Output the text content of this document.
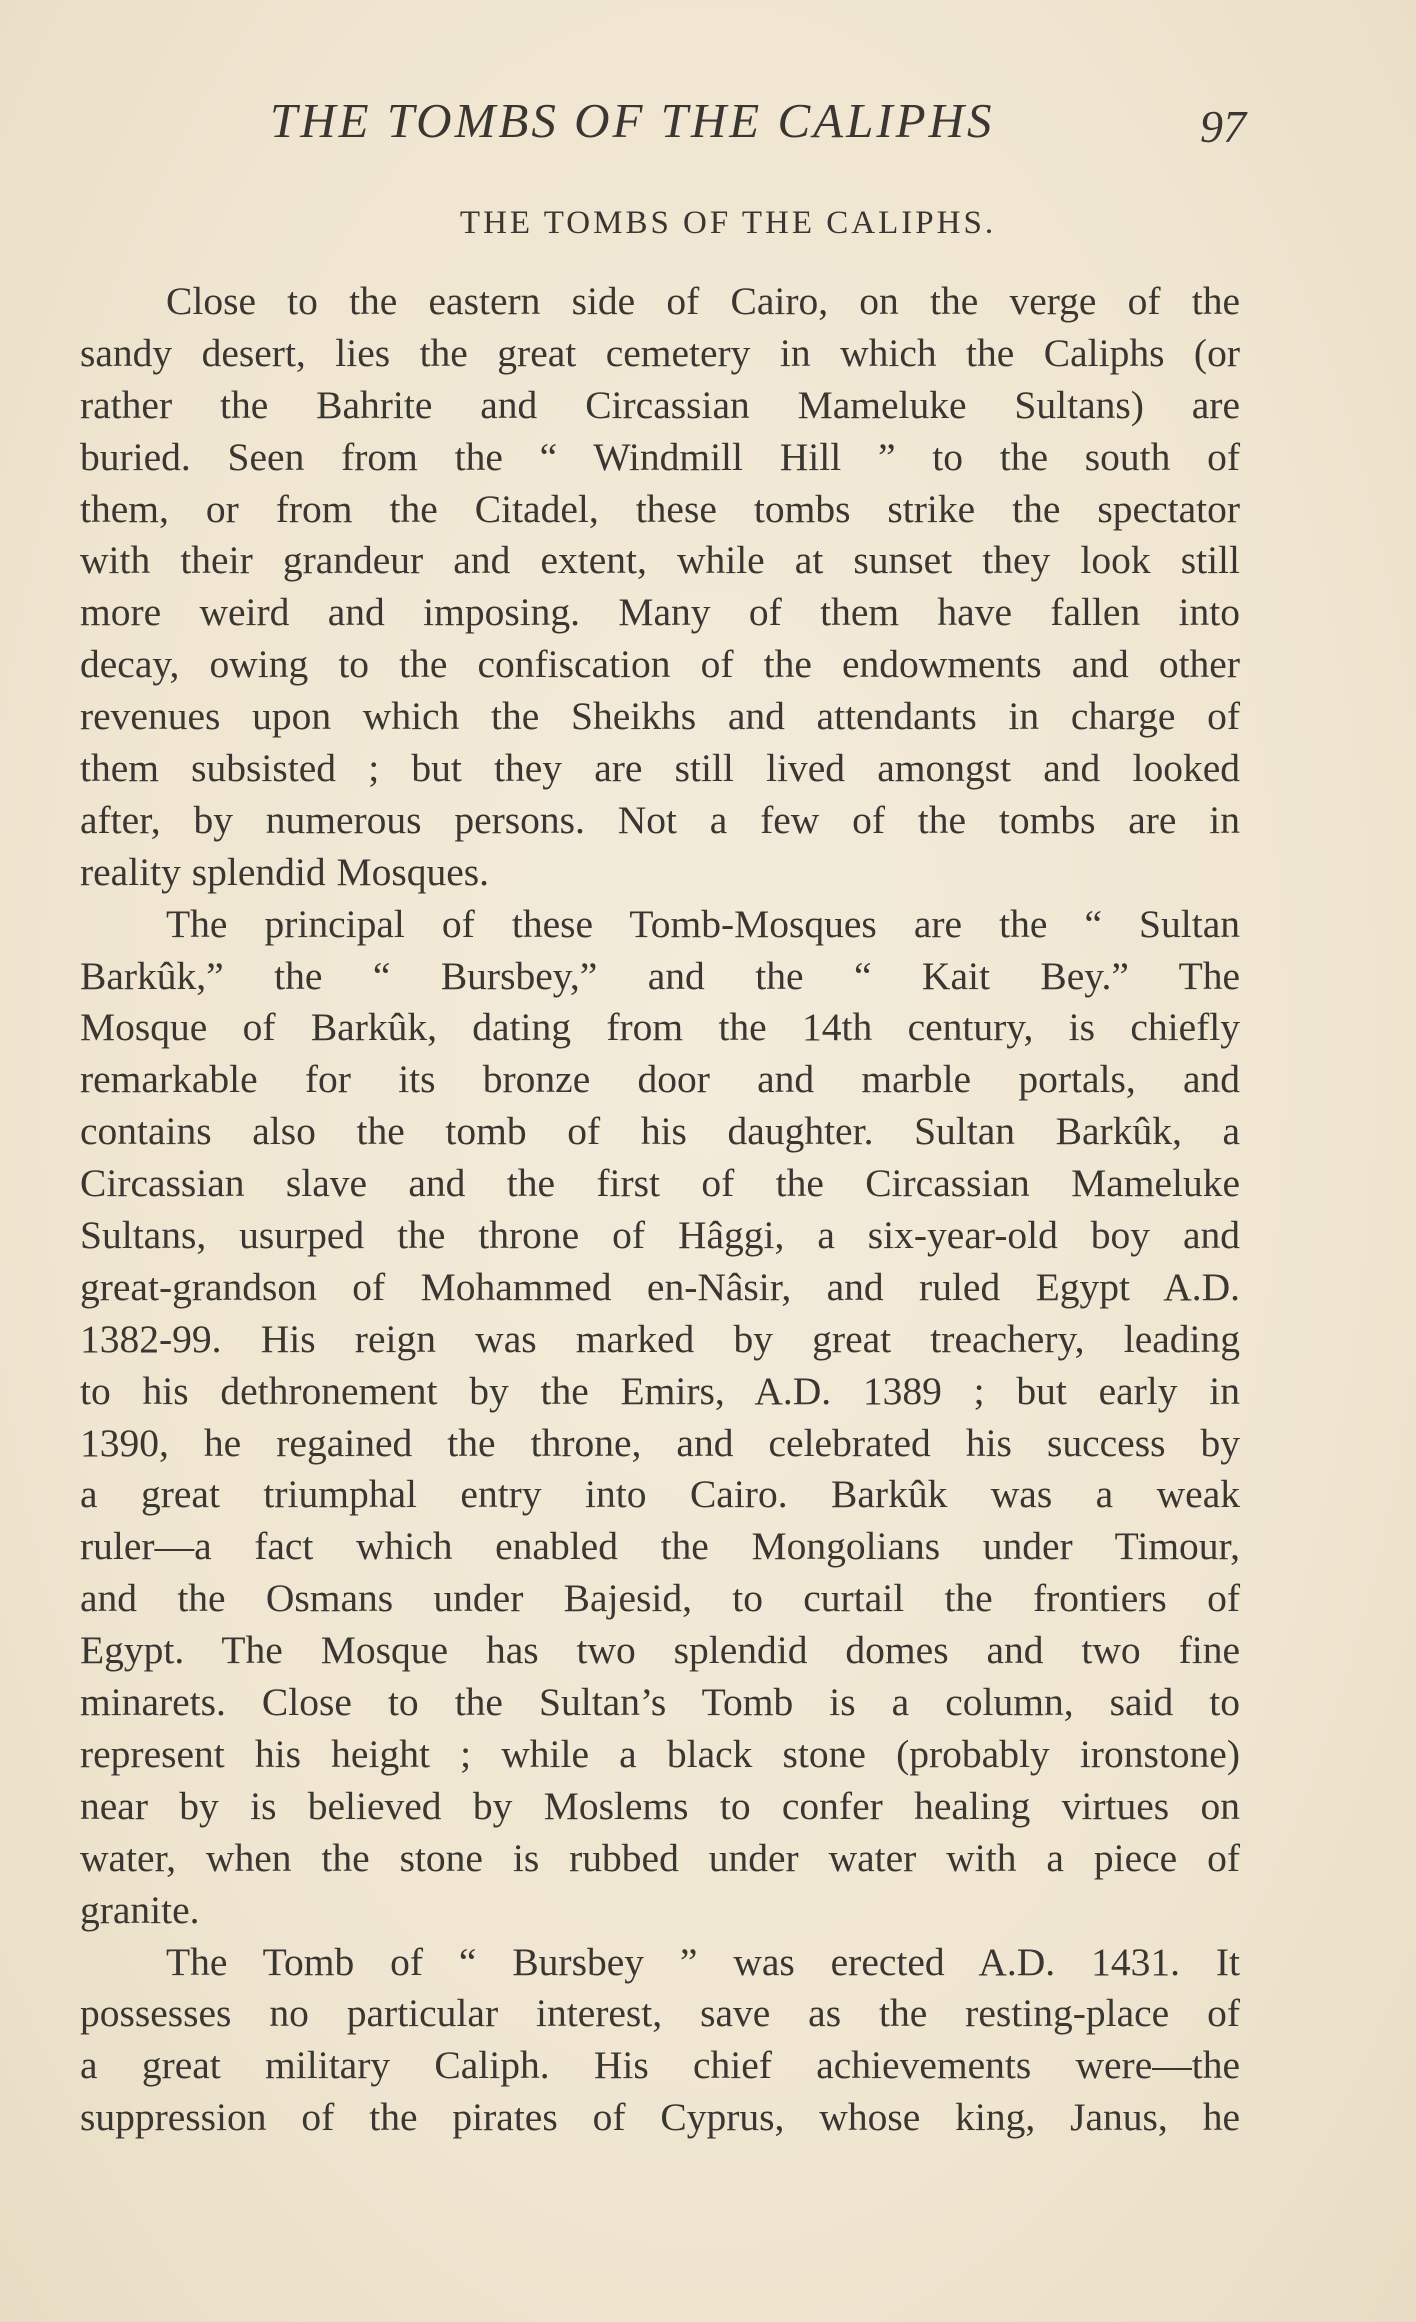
THE TOMBS OF THE CALIPHS	97
THE TOMBS OF THE CALIPHS.
Close to the eastern side of Cairo, on the verge of the
sandy desert, lies the great cemetery in which the Caliphs (or
rather the Bahrite and Circassian Mameluke Sultans) are
buried. Seen from the “ Windmill Hill ” to the south of
them, or from the Citadel, these tombs strike the spectator
with their grandeur and extent, while at sunset they look still
more weird and imposing. Many of them have fallen into
decay, owing to the confiscation of the endowments and other
revenues upon which the Sheikhs and attendants in charge of
them subsisted ; but they are still lived amongst and looked
after, by numerous persons. Not a few of the tombs are in
reality splendid Mosques.
The principal of these Tomb-Mosques are the “ Sultan
Barkûk,” the “ Bursbey,” and the “ Kait Bey.” The
Mosque of Barkûk, dating from the 14th century, is chiefly
remarkable for its bronze door and marble portals, and
contains also the tomb of his daughter. Sultan Barkûk, a
Circassian slave and the first of the Circassian Mameluke
Sultans, usurped the throne of Hâggi, a six-year-old boy and
great-grandson of Mohammed en-Nâsir, and ruled Egypt A.D.
1382-99. His reign was marked by great treachery, leading
to his dethronement by the Emirs, A.D. 1389 ; but early in
1390, he regained the throne, and celebrated his success by
a great triumphal entry into Cairo. Barkûk was a weak
ruler—a fact which enabled the Mongolians under Timour,
and the Osmans under Bajesid, to curtail the frontiers of
Egypt. The Mosque has two splendid domes and two fine
minarets. Close to the Sultan’s Tomb is a column, said to
represent his height ; while a black stone (probably ironstone)
near by is believed by Moslems to confer healing virtues on
water, when the stone is rubbed under water with a piece of
granite.
The Tomb of “ Bursbey ” was erected A.D. 1431. It
possesses no particular interest, save as the resting-place of
a great military Caliph. His chief achievements were—the
suppression of the pirates of Cyprus, whose king, Janus, he
